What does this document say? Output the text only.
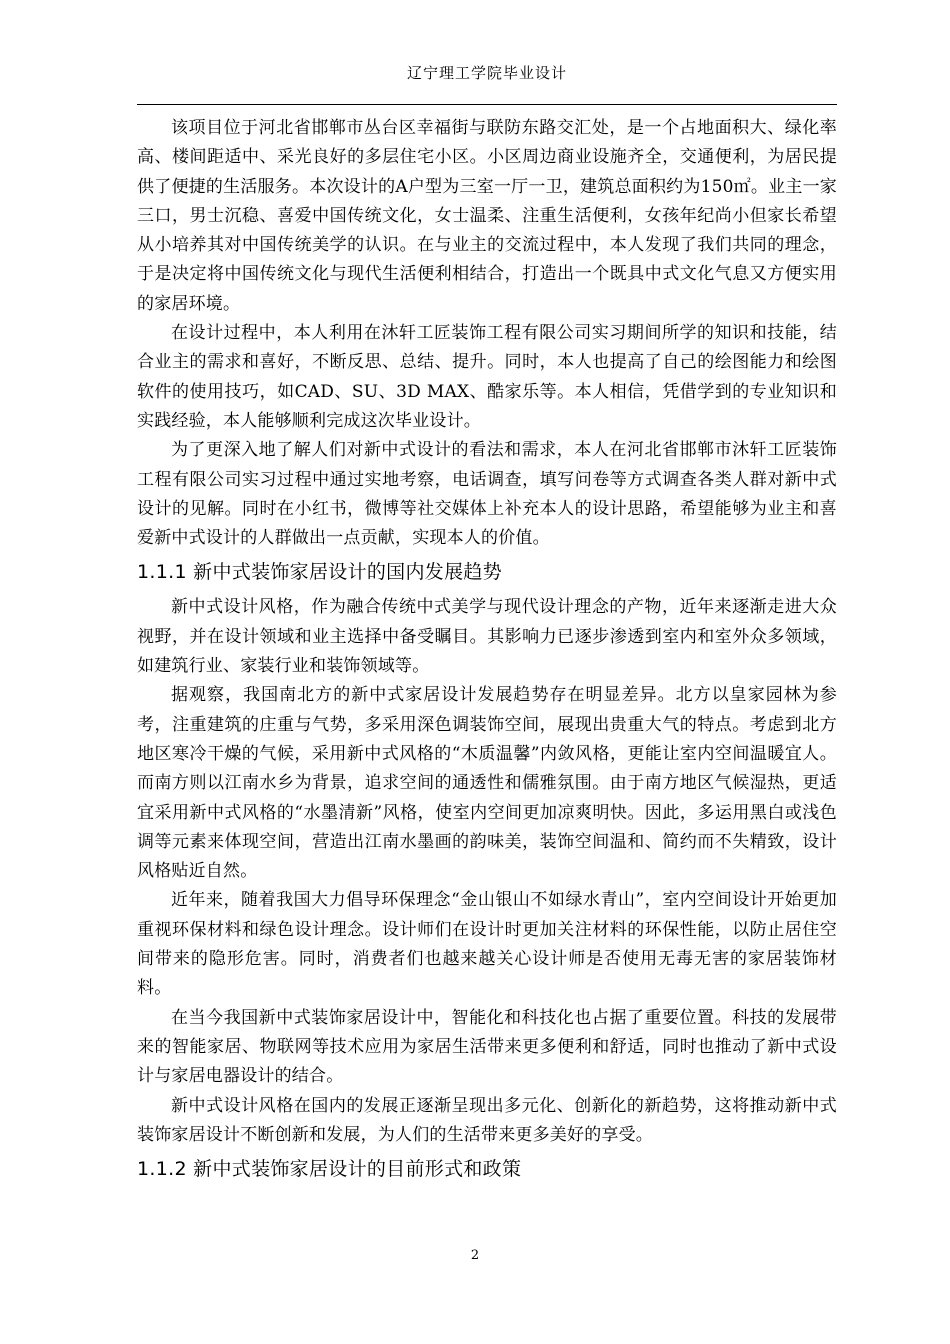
辽宁理工学院毕业设计

该项目位于河北省邯郸市丛台区幸福街与联防东路交汇处，是一个占地面积大、绿化率高、楼间距适中、采光良好的多层住宅小区。小区周边商业设施齐全，交通便利，为居民提供了便捷的生活服务。本次设计的A户型为三室一厅一卫，建筑总面积约为150㎡。业主一家三口，男士沉稳、喜爱中国传统文化，女士温柔、注重生活便利，女孩年纪尚小但家长希望从小培养其对中国传统美学的认识。在与业主的交流过程中，本人发现了我们共同的理念，于是决定将中国传统文化与现代生活便利相结合，打造出一个既具中式文化气息又方便实用的家居环境。

在设计过程中，本人利用在沐轩工匠装饰工程有限公司实习期间所学的知识和技能，结合业主的需求和喜好，不断反思、总结、提升。同时，本人也提高了自己的绘图能力和绘图软件的使用技巧，如CAD、SU、3D MAX、酷家乐等。本人相信，凭借学到的专业知识和实践经验，本人能够顺利完成这次毕业设计。

为了更深入地了解人们对新中式设计的看法和需求，本人在河北省邯郸市沐轩工匠装饰工程有限公司实习过程中通过实地考察，电话调查，填写问卷等方式调查各类人群对新中式设计的见解。同时在小红书，微博等社交媒体上补充本人的设计思路，希望能够为业主和喜爱新中式设计的人群做出一点贡献，实现本人的价值。

1.1.1 新中式装饰家居设计的国内发展趋势

新中式设计风格，作为融合传统中式美学与现代设计理念的产物，近年来逐渐走进大众视野，并在设计领域和业主选择中备受瞩目。其影响力已逐步渗透到室内和室外众多领域，如建筑行业、家装行业和装饰领域等。

据观察，我国南北方的新中式家居设计发展趋势存在明显差异。北方以皇家园林为参考，注重建筑的庄重与气势，多采用深色调装饰空间，展现出贵重大气的特点。考虑到北方地区寒冷干燥的气候，采用新中式风格的“木质温馨”内敛风格，更能让室内空间温暖宜人。而南方则以江南水乡为背景，追求空间的通透性和儒雅氛围。由于南方地区气候湿热，更适宜采用新中式风格的“水墨清新”风格，使室内空间更加凉爽明快。因此，多运用黑白或浅色调等元素来体现空间，营造出江南水墨画的韵味美，装饰空间温和、简约而不失精致，设计风格贴近自然。

近年来，随着我国大力倡导环保理念“金山银山不如绿水青山”，室内空间设计开始更加重视环保材料和绿色设计理念。设计师们在设计时更加关注材料的环保性能，以防止居住空间带来的隐形危害。同时，消费者们也越来越关心设计师是否使用无毒无害的家居装饰材料。

在当今我国新中式装饰家居设计中，智能化和科技化也占据了重要位置。科技的发展带来的智能家居、物联网等技术应用为家居生活带来更多便利和舒适，同时也推动了新中式设计与家居电器设计的结合。

新中式设计风格在国内的发展正逐渐呈现出多元化、创新化的新趋势，这将推动新中式装饰家居设计不断创新和发展，为人们的生活带来更多美好的享受。

1.1.2 新中式装饰家居设计的目前形式和政策
2
